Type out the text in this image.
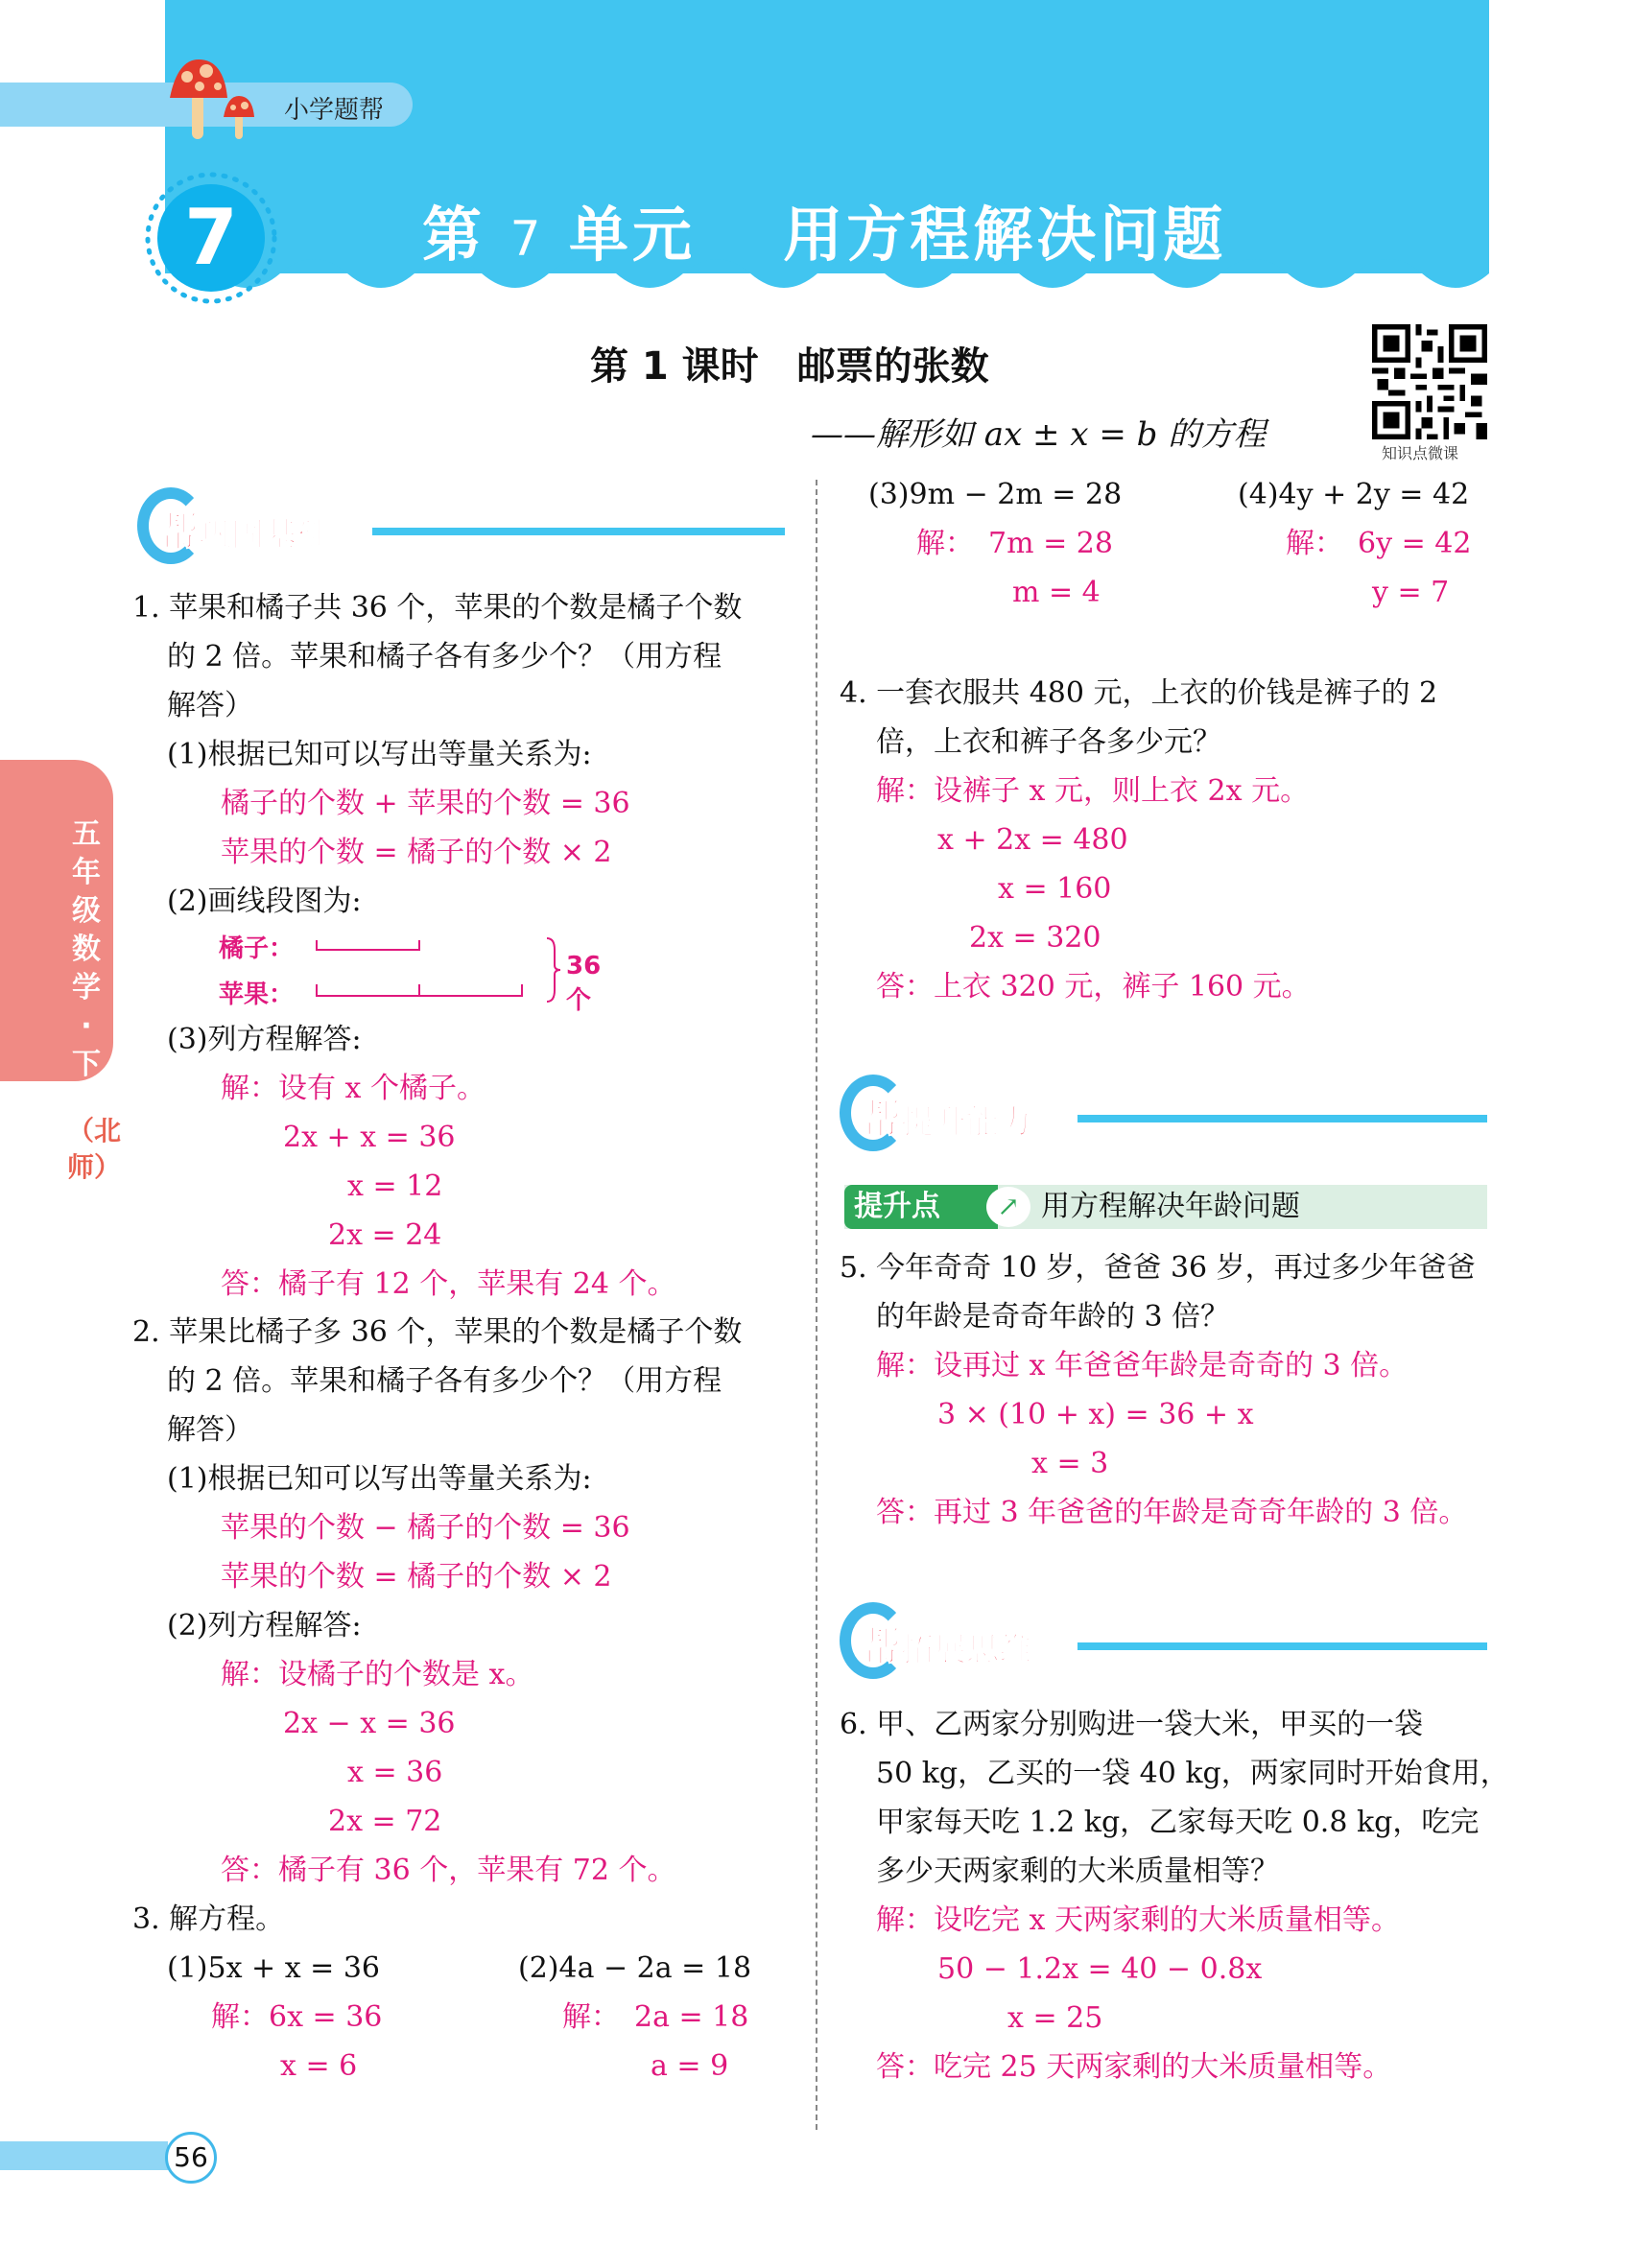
小学题帮
7	第 7 单元 用方程解决问题
第 1 课时　邮票的张数
——解形如 ax ± x = b 的方程	知识点微课
五年级数学·下
（北师）
帮巩固基础
1. 苹果和橘子共 36 个，苹果的个数是橘子个数
的 2 倍。苹果和橘子各有多少个？（用方程
解答）
(1)根据已知可以写出等量关系为:
橘子的个数 + 苹果的个数 = 36
苹果的个数 = 橘子的个数 × 2
(2)画线段图为:
橘子：
苹果：
36个
(3)列方程解答:
解：设有 x 个橘子。
2x + x = 36
x = 12
2x = 24
答：橘子有 12 个，苹果有 24 个。
2. 苹果比橘子多 36 个，苹果的个数是橘子个数
的 2 倍。苹果和橘子各有多少个？（用方程
解答）
(1)根据已知可以写出等量关系为:
苹果的个数 − 橘子的个数 = 36
苹果的个数 = 橘子的个数 × 2
(2)列方程解答:
解：设橘子的个数是 x。
2x − x = 36
x = 36
2x = 72
答：橘子有 36 个，苹果有 72 个。
3. 解方程。
(1)5x + x = 36
解：6x = 36
x = 6
(2)4a − 2a = 18
解：　2a = 18
a = 9
(3)9m − 2m = 28
解：　7m = 28
m = 4
(4)4y + 2y = 42
解：　6y = 42
y = 7
4. 一套衣服共 480 元，上衣的价钱是裤子的 2
倍，上衣和裤子各多少元？
解：设裤子 x 元，则上衣 2x 元。
x + 2x = 480
x = 160
2x = 320
答：上衣 320 元，裤子 160 元。
帮提升能力
提升点	↗ 用方程解决年龄问题
5. 今年奇奇 10 岁，爸爸 36 岁，再过多少年爸爸
的年龄是奇奇年龄的 3 倍？
解：设再过 x 年爸爸年龄是奇奇的 3 倍。
3 × (10 + x) = 36 + x
x = 3
答：再过 3 年爸爸的年龄是奇奇年龄的 3 倍。
帮拓展思维
6. 甲、乙两家分别购进一袋大米，甲买的一袋
50 kg，乙买的一袋 40 kg，两家同时开始食用，
甲家每天吃 1.2 kg，乙家每天吃 0.8 kg，吃完
多少天两家剩的大米质量相等？
解：设吃完 x 天两家剩的大米质量相等。
50 − 1.2x = 40 − 0.8x
x = 25
答：吃完 25 天两家剩的大米质量相等。
56
